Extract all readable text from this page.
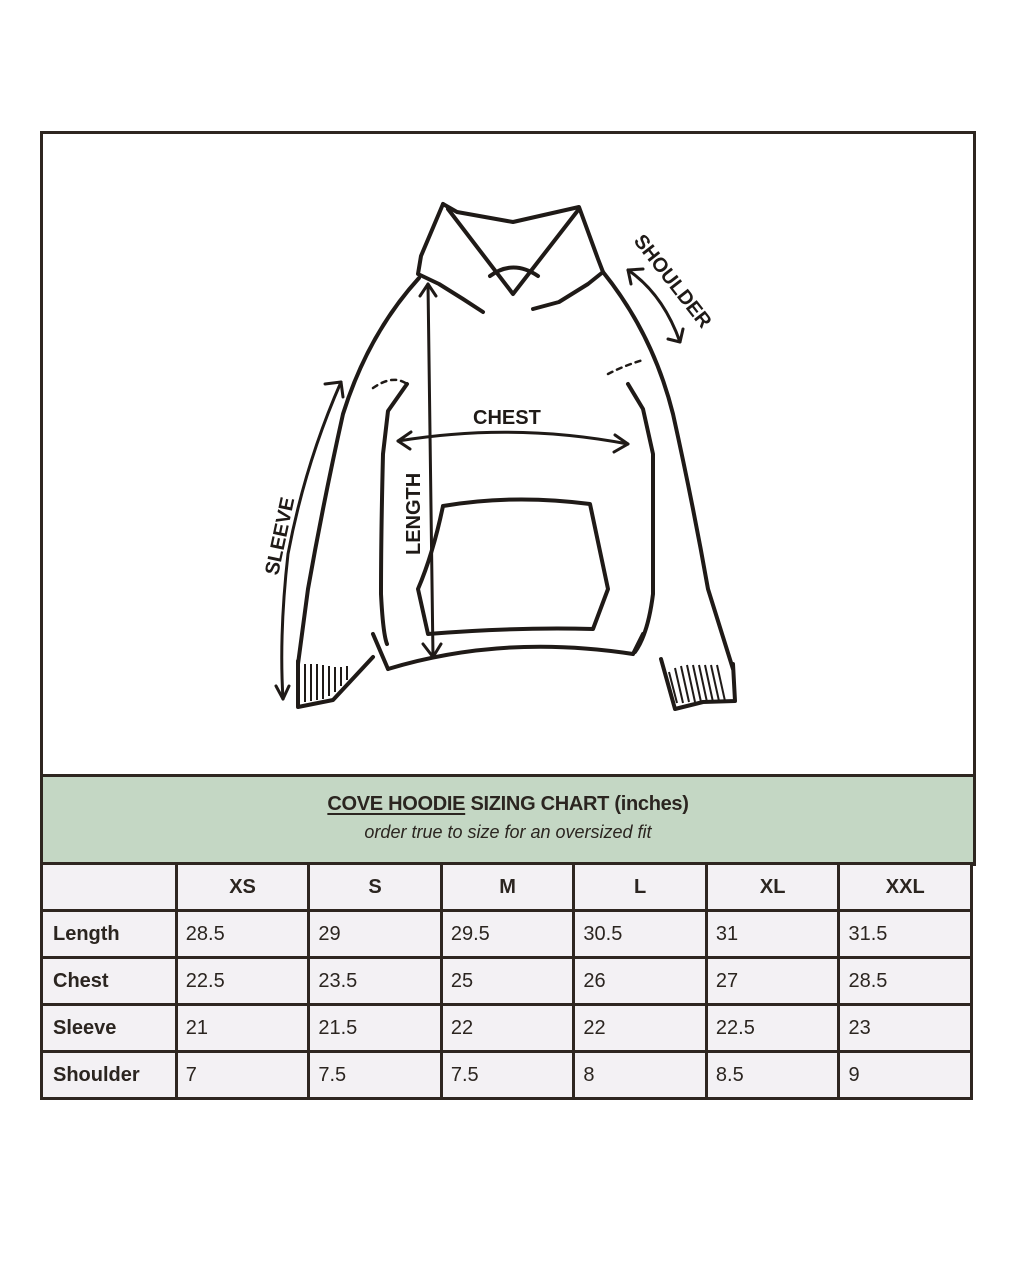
CHEST
LENGTH
SLEEVE
SHOULDER
COVE HOODIE SIZING CHART (inches)
order true to size for an oversized fit
	XS	S	M	L	XL	XXL
Length	28.5	29	29.5	30.5	31	31.5
Chest	22.5	23.5	25	26	27	28.5
Sleeve	21	21.5	22	22	22.5	23
Shoulder	7	7.5	7.5	8	8.5	9
